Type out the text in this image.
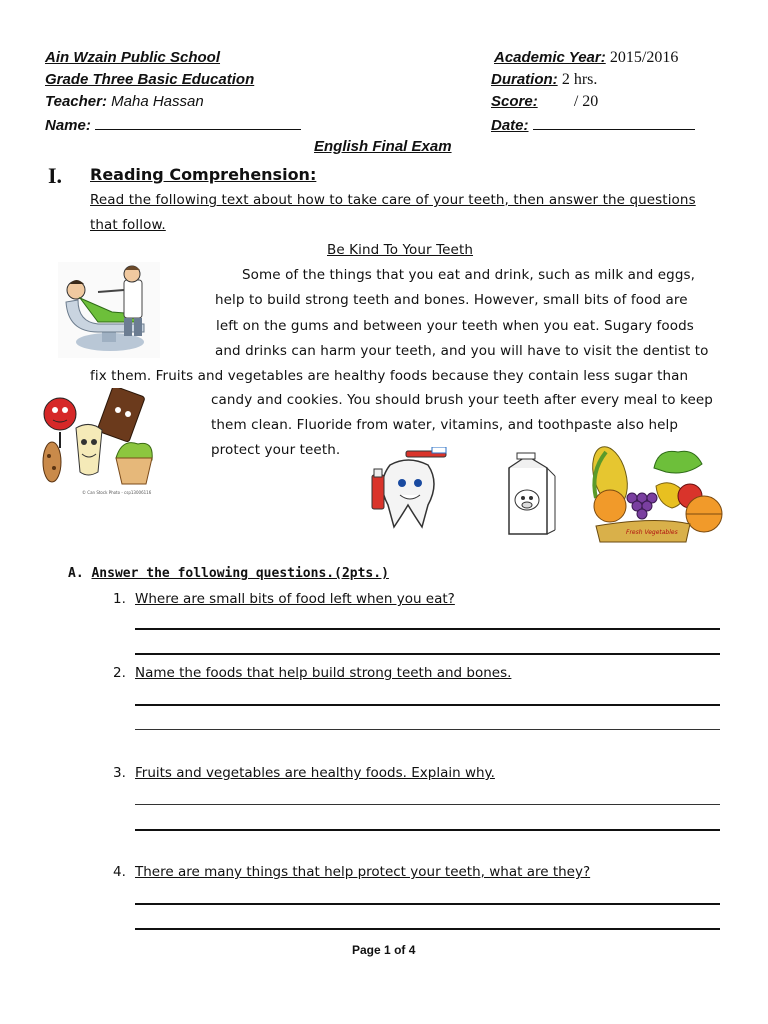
Ain Wzain Public School
Grade Three Basic Education
Teacher: Maha Hassan
Name:
Academic Year: 2015/2016
Duration: 2 hrs.
Score: / 20
Date:
English Final Exam
I. Reading Comprehension:
Read the following text about how to take care of your teeth, then answer the questions
that follow.
Be Kind To Your Teeth
Some of the things that you eat and drink, such as milk and eggs,
help to build strong teeth and bones. However, small bits of food are
left on the gums and between your teeth when you eat. Sugary foods
and drinks can harm your teeth, and you will have to visit the dentist to
fix them. Fruits and vegetables are healthy foods because they contain less sugar than
candy and cookies. You should brush your teeth after every meal to keep
them clean. Fluoride from water, vitamins, and toothpaste also help
protect your teeth.
© Can Stock Photo - csp13006116
Fresh Vegetables
A. Answer the following questions.(2pts.)
1. Where are small bits of food left when you eat?
2. Name the foods that help build strong teeth and bones.
3. Fruits and vegetables are healthy foods. Explain why.
4. There are many things that help protect your teeth, what are they?
Page 1 of 4
